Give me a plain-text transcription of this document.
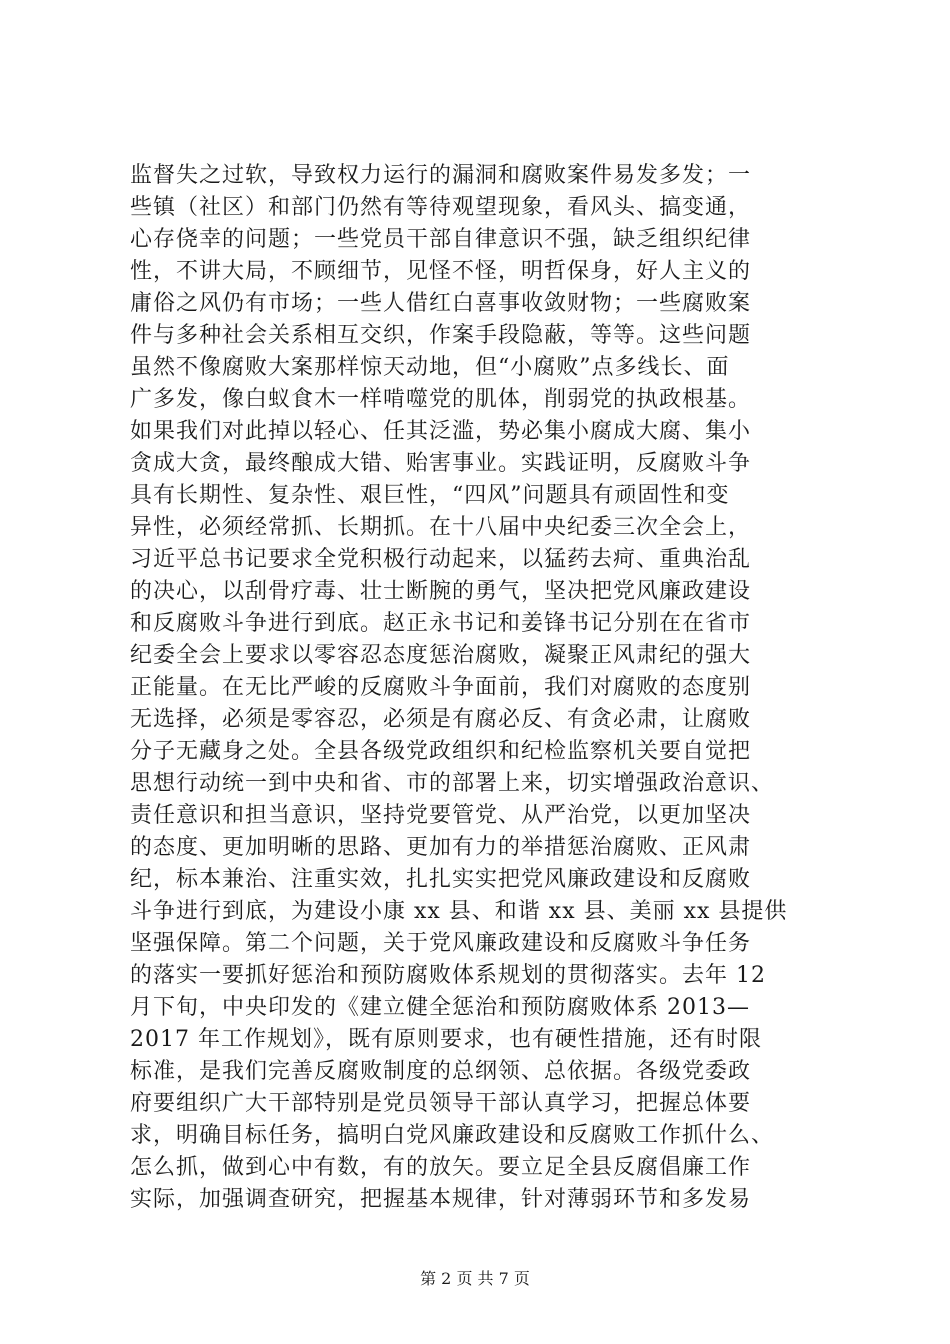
监督失之过软，导致权力运行的漏洞和腐败案件易发多发；一
些镇（社区）和部门仍然有等待观望现象，看风头、搞变通，
心存侥幸的问题；一些党员干部自律意识不强，缺乏组织纪律
性，不讲大局，不顾细节，见怪不怪，明哲保身，好人主义的
庸俗之风仍有市场；一些人借红白喜事收敛财物；一些腐败案
件与多种社会关系相互交织，作案手段隐蔽，等等。这些问题
虽然不像腐败大案那样惊天动地，但“小腐败”点多线长、面
广多发，像白蚁食木一样啃噬党的肌体，削弱党的执政根基。
如果我们对此掉以轻心、任其泛滥，势必集小腐成大腐、集小
贪成大贪，最终酿成大错、贻害事业。实践证明，反腐败斗争
具有长期性、复杂性、艰巨性，“四风”问题具有顽固性和变
异性，必须经常抓、长期抓。在十八届中央纪委三次全会上，
习近平总书记要求全党积极行动起来，以猛药去疴、重典治乱
的决心，以刮骨疗毒、壮士断腕的勇气，坚决把党风廉政建设
和反腐败斗争进行到底。赵正永书记和姜锋书记分别在在省市
纪委全会上要求以零容忍态度惩治腐败，凝聚正风肃纪的强大
正能量。在无比严峻的反腐败斗争面前，我们对腐败的态度别
无选择，必须是零容忍，必须是有腐必反、有贪必肃，让腐败
分子无藏身之处。全县各级党政组织和纪检监察机关要自觉把
思想行动统一到中央和省、市的部署上来，切实增强政治意识、
责任意识和担当意识，坚持党要管党、从严治党，以更加坚决
的态度、更加明晰的思路、更加有力的举措惩治腐败、正风肃
纪，标本兼治、注重实效，扎扎实实把党风廉政建设和反腐败
斗争进行到底，为建设小康 xx 县、和谐 xx 县、美丽 xx 县提供
坚强保障。第二个问题，关于党风廉政建设和反腐败斗争任务
的落实一要抓好惩治和预防腐败体系规划的贯彻落实。去年 12
月下旬，中央印发的《建立健全惩治和预防腐败体系 2013—
2017 年工作规划》，既有原则要求，也有硬性措施，还有时限
标准，是我们完善反腐败制度的总纲领、总依据。各级党委政
府要组织广大干部特别是党员领导干部认真学习，把握总体要
求，明确目标任务，搞明白党风廉政建设和反腐败工作抓什么、
怎么抓，做到心中有数，有的放矢。要立足全县反腐倡廉工作
实际，加强调查研究，把握基本规律，针对薄弱环节和多发易
第 2 页 共 7 页
